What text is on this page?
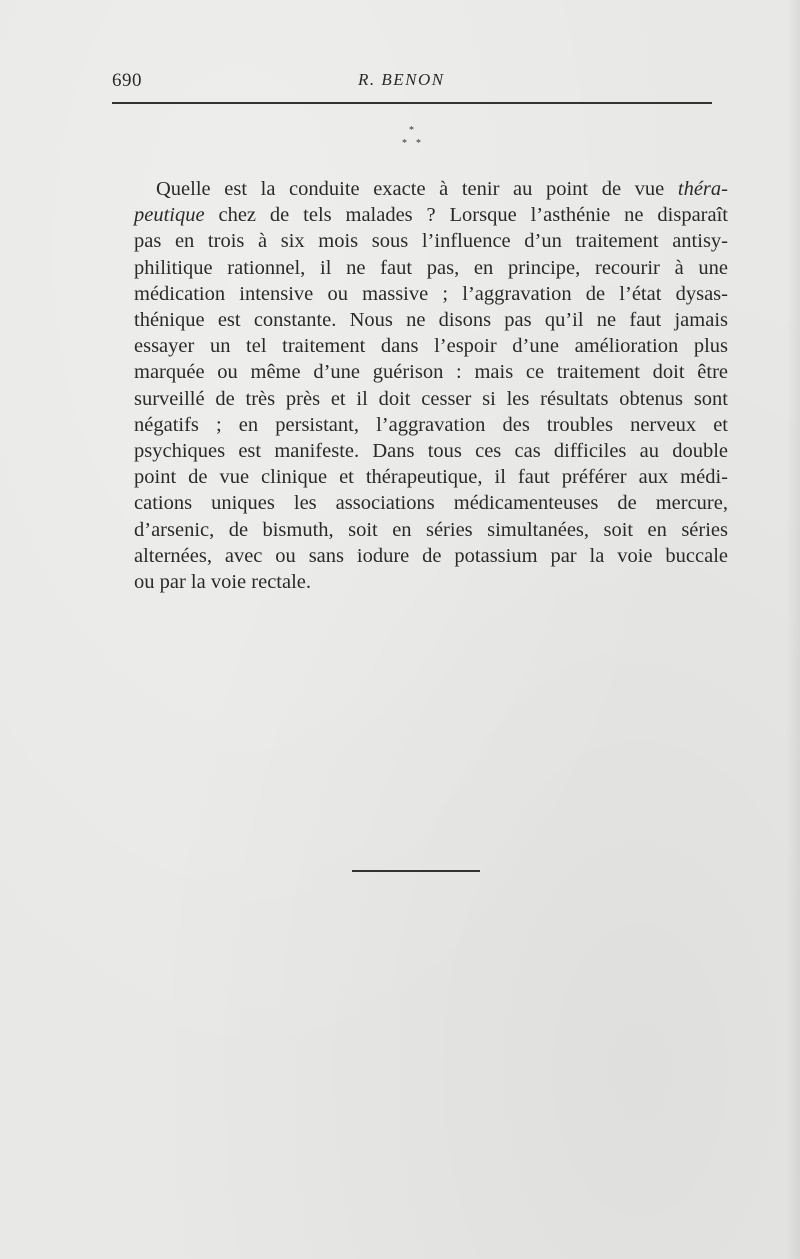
690	R. BENON
*
* *
Quelle est la conduite exacte à tenir au point de vue théra-
peutique chez de tels malades ? Lorsque l’asthénie ne disparaît
pas en trois à six mois sous l’influence d’un traitement antisy-
philitique rationnel, il ne faut pas, en principe, recourir à une
médication intensive ou massive ; l’aggravation de l’état dysas-
thénique est constante. Nous ne disons pas qu’il ne faut jamais
essayer un tel traitement dans l’espoir d’une amélioration plus
marquée ou même d’une guérison : mais ce traitement doit être
surveillé de très près et il doit cesser si les résultats obtenus sont
négatifs ; en persistant, l’aggravation des troubles nerveux et
psychiques est manifeste. Dans tous ces cas difficiles au double
point de vue clinique et thérapeutique, il faut préférer aux médi-
cations uniques les associations médicamenteuses de mercure,
d’arsenic, de bismuth, soit en séries simultanées, soit en séries
alternées, avec ou sans iodure de potassium par la voie buccale
ou par la voie rectale.
